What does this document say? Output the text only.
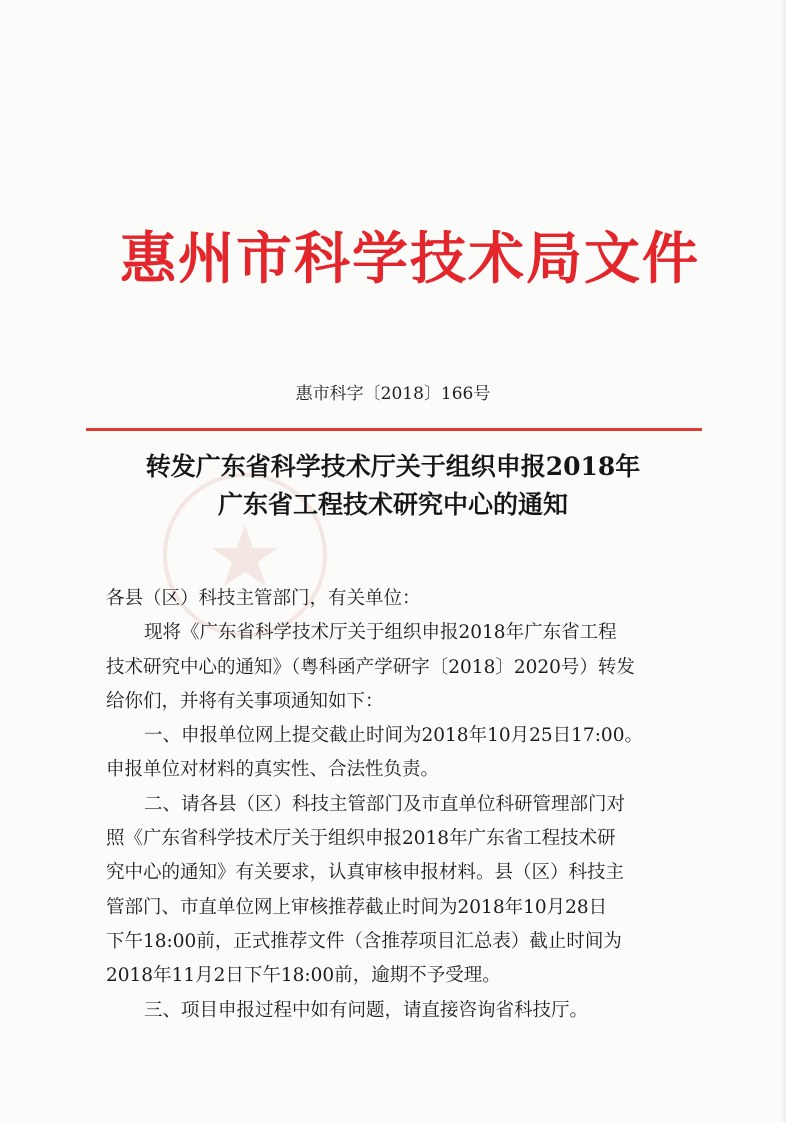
惠州市科学技术局文件
惠市科字〔2018〕166号
转发广东省科学技术厅关于组织申报2018年
广东省工程技术研究中心的通知

各县（区）科技主管部门，有关单位：

现将《广东省科学技术厅关于组织申报2018年广东省工程

技术研究中心的通知》（粤科函产学研字〔2018〕2020号）转发

给你们，并将有关事项通知如下：

一、申报单位网上提交截止时间为2018年10月25日17:00。

申报单位对材料的真实性、合法性负责。

二、请各县（区）科技主管部门及市直单位科研管理部门对

照《广东省科学技术厅关于组织申报2018年广东省工程技术研

究中心的通知》有关要求，认真审核申报材料。县（区）科技主

管部门、市直单位网上审核推荐截止时间为2018年10月28日

下午18:00前，正式推荐文件（含推荐项目汇总表）截止时间为

2018年11月2日下午18:00前，逾期不予受理。

三、项目申报过程中如有问题，请直接咨询省科技厅。
